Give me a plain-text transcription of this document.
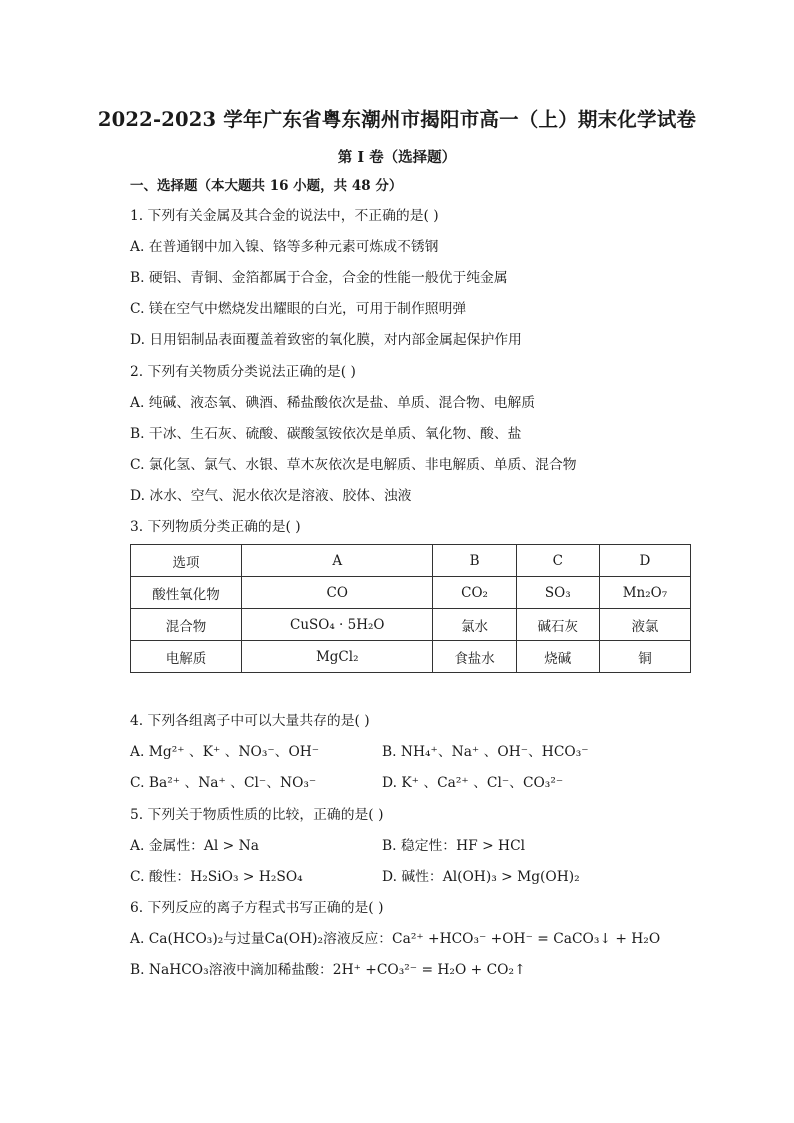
2022-2023 学年广东省粤东潮州市揭阳市高一（上）期末化学试卷
第 I 卷（选择题）
一、选择题（本大题共 16 小题，共 48 分）
1. 下列有关金属及其合金的说法中，不正确的是( )
A. 在普通钢中加入镍、铬等多种元素可炼成不锈钢
B. 硬铝、青铜、金箔都属于合金，合金的性能一般优于纯金属
C. 镁在空气中燃烧发出耀眼的白光，可用于制作照明弹
D. 日用铝制品表面覆盖着致密的氧化膜，对内部金属起保护作用
2. 下列有关物质分类说法正确的是( )
A. 纯碱、液态氧、碘酒、稀盐酸依次是盐、单质、混合物、电解质
B. 干冰、生石灰、硫酸、碳酸氢铵依次是单质、氧化物、酸、盐
C. 氯化氢、氯气、水银、草木灰依次是电解质、非电解质、单质、混合物
D. 冰水、空气、泥水依次是溶液、胶体、浊液
3. 下列物质分类正确的是( )
选项	A	B	C	D
酸性氧化物	CO	CO₂	SO₃	Mn₂O₇
混合物	CuSO₄ · 5H₂O	氯水	碱石灰	液氯
电解质	MgCl₂	食盐水	烧碱	铜
4. 下列各组离子中可以大量共存的是( )
A. Mg²⁺ 、K⁺ 、NO₃⁻、OH⁻	B. NH₄⁺、Na⁺ 、OH⁻、HCO₃⁻
C. Ba²⁺ 、Na⁺ 、Cl⁻、NO₃⁻	D. K⁺ 、Ca²⁺ 、Cl⁻、CO₃²⁻
5. 下列关于物质性质的比较，正确的是( )
A. 金属性：Al > Na	B. 稳定性：HF > HCl
C. 酸性：H₂SiO₃ > H₂SO₄	D. 碱性：Al(OH)₃ > Mg(OH)₂
6. 下列反应的离子方程式书写正确的是( )
A. Ca(HCO₃)₂与过量Ca(OH)₂溶液反应：Ca²⁺ +HCO₃⁻ +OH⁻ = CaCO₃↓ + H₂O
B. NaHCO₃溶液中滴加稀盐酸：2H⁺ +CO₃²⁻ = H₂O + CO₂↑
